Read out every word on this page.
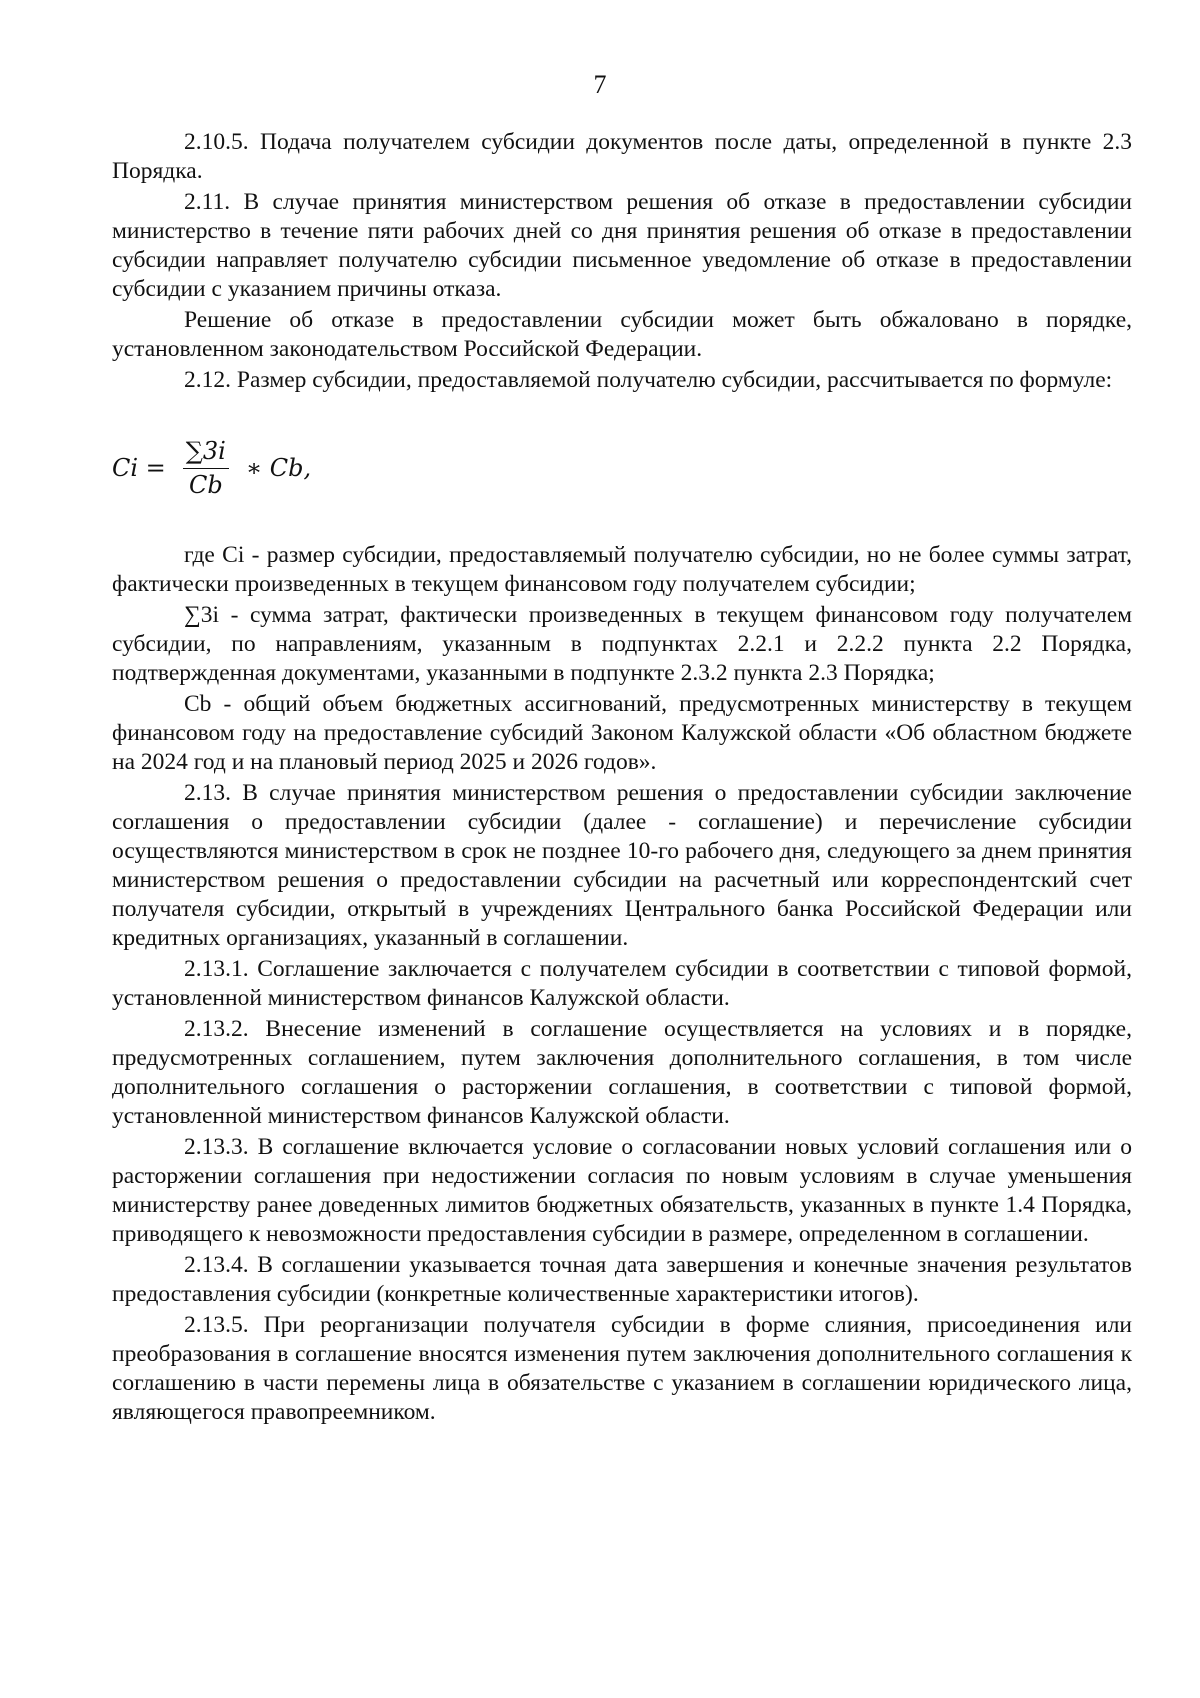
7

2.10.5. Подача получателем субсидии документов после даты, определенной в пункте 2.3 Порядка.

2.11. В случае принятия министерством решения об отказе в предоставлении субсидии министерство в течение пяти рабочих дней со дня принятия решения об отказе в предоставлении субсидии направляет получателю субсидии письменное уведомление об отказе в предоставлении субсидии с указанием причины отказа.

Решение об отказе в предоставлении субсидии может быть обжаловано в порядке, установленном законодательством Российской Федерации.

2.12. Размер субсидии, предоставляемой получателю субсидии, рассчитывается по формуле:

$Ci = \frac{\sum 3i}{Cb}$ ∗ Cb,

где Ci - размер субсидии, предоставляемый получателю субсидии, но не более суммы затрат, фактически произведенных в текущем финансовом году получателем субсидии;

∑3i - сумма затрат, фактически произведенных в текущем финансовом году получателем субсидии, по направлениям, указанным в подпунктах 2.2.1 и 2.2.2 пункта 2.2 Порядка, подтвержденная документами, указанными в подпункте 2.3.2 пункта 2.3 Порядка;

Cb - общий объем бюджетных ассигнований, предусмотренных министерству в текущем финансовом году на предоставление субсидий Законом Калужской области «Об областном бюджете на 2024 год и на плановый период 2025 и 2026 годов».

2.13. В случае принятия министерством решения о предоставлении субсидии заключение соглашения о предоставлении субсидии (далее - соглашение) и перечисление субсидии осуществляются министерством в срок не позднее 10-го рабочего дня, следующего за днем принятия министерством решения о предоставлении субсидии на расчетный или корреспондентский счет получателя субсидии, открытый в учреждениях Центрального банка Российской Федерации или кредитных организациях, указанный в соглашении.

2.13.1. Соглашение заключается с получателем субсидии в соответствии с типовой формой, установленной министерством финансов Калужской области.

2.13.2. Внесение изменений в соглашение осуществляется на условиях и в порядке, предусмотренных соглашением, путем заключения дополнительного соглашения, в том числе дополнительного соглашения о расторжении соглашения, в соответствии с типовой формой, установленной министерством финансов Калужской области.

2.13.3. В соглашение включается условие о согласовании новых условий соглашения или о расторжении соглашения при недостижении согласия по новым условиям в случае уменьшения министерству ранее доведенных лимитов бюджетных обязательств, указанных в пункте 1.4 Порядка, приводящего к невозможности предоставления субсидии в размере, определенном в соглашении.

2.13.4. В соглашении указывается точная дата завершения и конечные значения результатов предоставления субсидии (конкретные количественные характеристики итогов).

2.13.5. При реорганизации получателя субсидии в форме слияния, присоединения или преобразования в соглашение вносятся изменения путем заключения дополнительного соглашения к соглашению в части перемены лица в обязательстве с указанием в соглашении юридического лица, являющегося правопреемником.
